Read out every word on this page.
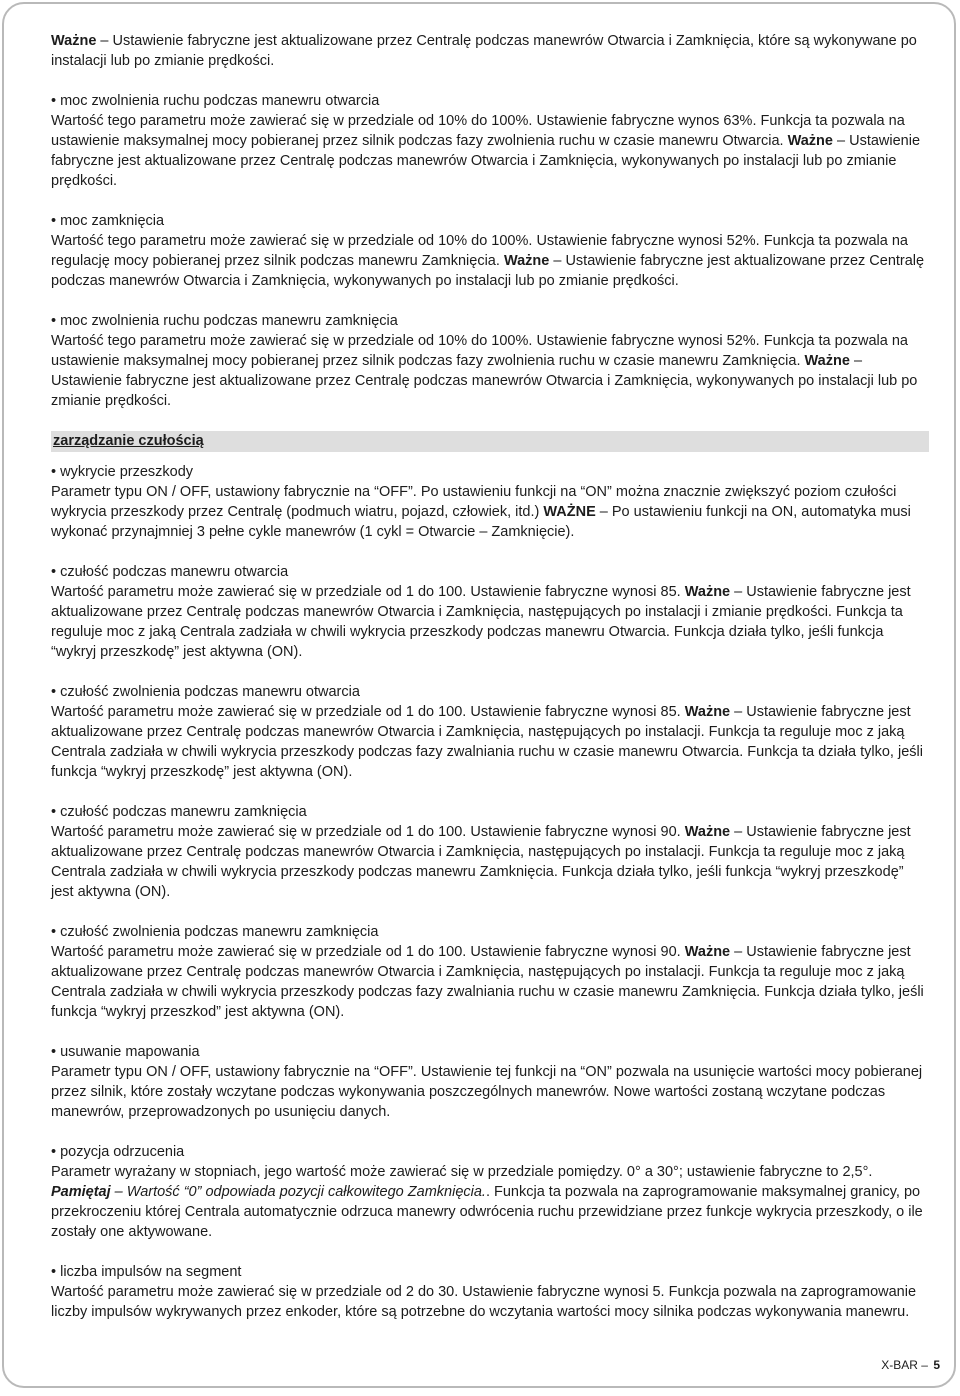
Ważne – Ustawienie fabryczne jest aktualizowane przez Centralę podczas manewrów Otwarcia i Zamknięcia, które są wykonywane po instalacji lub po zmianie prędkości.

• moc zwolnienia ruchu podczas manewru otwarcia

Wartość tego parametru może zawierać się w przedziale od 10% do 100%. Ustawienie fabryczne wynos 63%. Funkcja ta pozwala na ustawienie maksymalnej mocy pobieranej przez silnik podczas fazy zwolnienia ruchu w czasie manewru Otwarcia. Ważne – Ustawienie fabryczne jest aktualizowane przez Centralę podczas manewrów Otwarcia i Zamknięcia, wykonywanych po instalacji lub po zmianie prędkości.

• moc zamknięcia

Wartość tego parametru może zawierać się w przedziale od 10% do 100%. Ustawienie fabryczne wynosi 52%. Funkcja ta pozwala na regulację mocy pobieranej przez silnik podczas manewru Zamknięcia. Ważne – Ustawienie fabryczne jest aktualizowane przez Centralę podczas manewrów Otwarcia i Zamknięcia, wykonywanych po instalacji lub po zmianie prędkości.

• moc zwolnienia ruchu podczas manewru zamknięcia

Wartość tego parametru może zawierać się w przedziale od 10% do 100%. Ustawienie fabryczne wynosi 52%. Funkcja ta pozwala na ustawienie maksymalnej mocy pobieranej przez silnik podczas fazy zwolnienia ruchu w czasie manewru Zamknięcia. Ważne – Ustawienie fabryczne jest aktualizowane przez Centralę podczas manewrów Otwarcia i Zamknięcia, wykonywanych po instalacji lub po zmianie prędkości.

zarządzanie czułością

• wykrycie przeszkody

Parametr typu ON / OFF, ustawiony fabrycznie na “OFF”. Po ustawieniu funkcji na “ON” można znacznie zwiększyć poziom czułości wykrycia przeszkody przez Centralę (podmuch wiatru, pojazd, człowiek, itd.) WAŻNE – Po ustawieniu funkcji na ON, automatyka musi wykonać przynajmniej 3 pełne cykle manewrów (1 cykl = Otwarcie – Zamknięcie).

• czułość podczas manewru otwarcia

Wartość parametru może zawierać się w przedziale od 1 do 100. Ustawienie fabryczne wynosi 85. Ważne – Ustawienie fabryczne jest aktualizowane przez Centralę podczas manewrów Otwarcia i Zamknięcia, następujących po instalacji i zmianie prędkości. Funkcja ta reguluje moc z jaką Centrala zadziała w chwili wykrycia przeszkody podczas manewru Otwarcia. Funkcja działa tylko, jeśli funkcja “wykryj przeszkodę” jest aktywna (ON).

• czułość zwolnienia podczas manewru otwarcia

Wartość parametru może zawierać się w przedziale od 1 do 100. Ustawienie fabryczne wynosi 85. Ważne – Ustawienie fabryczne jest aktualizowane przez Centralę podczas manewrów Otwarcia i Zamknięcia, następujących po instalacji. Funkcja ta reguluje moc z jaką Centrala zadziała w chwili wykrycia przeszkody podczas fazy zwalniania ruchu w czasie manewru Otwarcia. Funkcja ta działa tylko, jeśli funkcja “wykryj przeszkodę” jest aktywna (ON).

• czułość podczas manewru zamknięcia

Wartość parametru może zawierać się w przedziale od 1 do 100. Ustawienie fabryczne wynosi 90. Ważne – Ustawienie fabryczne jest aktualizowane przez Centralę podczas manewrów Otwarcia i Zamknięcia, następujących po instalacji. Funkcja ta reguluje moc z jaką Centrala zadziała w chwili wykrycia przeszkody podczas manewru Zamknięcia. Funkcja działa tylko, jeśli funkcja “wykryj przeszkodę” jest aktywna (ON).

• czułość zwolnienia podczas manewru zamknięcia

Wartość parametru może zawierać się w przedziale od 1 do 100. Ustawienie fabryczne wynosi 90. Ważne – Ustawienie fabryczne jest aktualizowane przez Centralę podczas manewrów Otwarcia i Zamknięcia, następujących po instalacji. Funkcja ta reguluje moc z jaką Centrala zadziała w chwili wykrycia przeszkody podczas fazy zwalniania ruchu w czasie manewru Zamknięcia. Funkcja działa tylko, jeśli funkcja “wykryj przeszkod” jest aktywna (ON).

• usuwanie mapowania

Parametr typu ON / OFF, ustawiony fabrycznie na “OFF”. Ustawienie tej funkcji na “ON” pozwala na usunięcie wartości mocy pobieranej przez silnik, które zostały wczytane podczas wykonywania poszczególnych manewrów. Nowe wartości zostaną wczytane podczas manewrów, przeprowadzonych po usunięciu danych.

• pozycja odrzucenia

Parametr wyrażany w stopniach, jego wartość może zawierać się w przedziale pomiędzy. 0° a 30°; ustawienie fabryczne to 2,5°. Pamiętaj – Wartość “0” odpowiada pozycji całkowitego Zamknięcia.. Funkcja ta pozwala na zaprogramowanie maksymalnej granicy, po przekroczeniu której Centrala automatycznie odrzuca manewry odwrócenia ruchu przewidziane przez funkcje wykrycia przeszkody, o ile zostały one aktywowane.

• liczba impulsów na segment

Wartość parametru może zawierać się w przedziale od 2 do 30. Ustawienie fabryczne wynosi 5. Funkcja pozwala na zaprogramowanie liczby impulsów wykrywanych przez enkoder, które są potrzebne do wczytania wartości mocy silnika podczas wykonywania manewru.

X-BAR – 5
